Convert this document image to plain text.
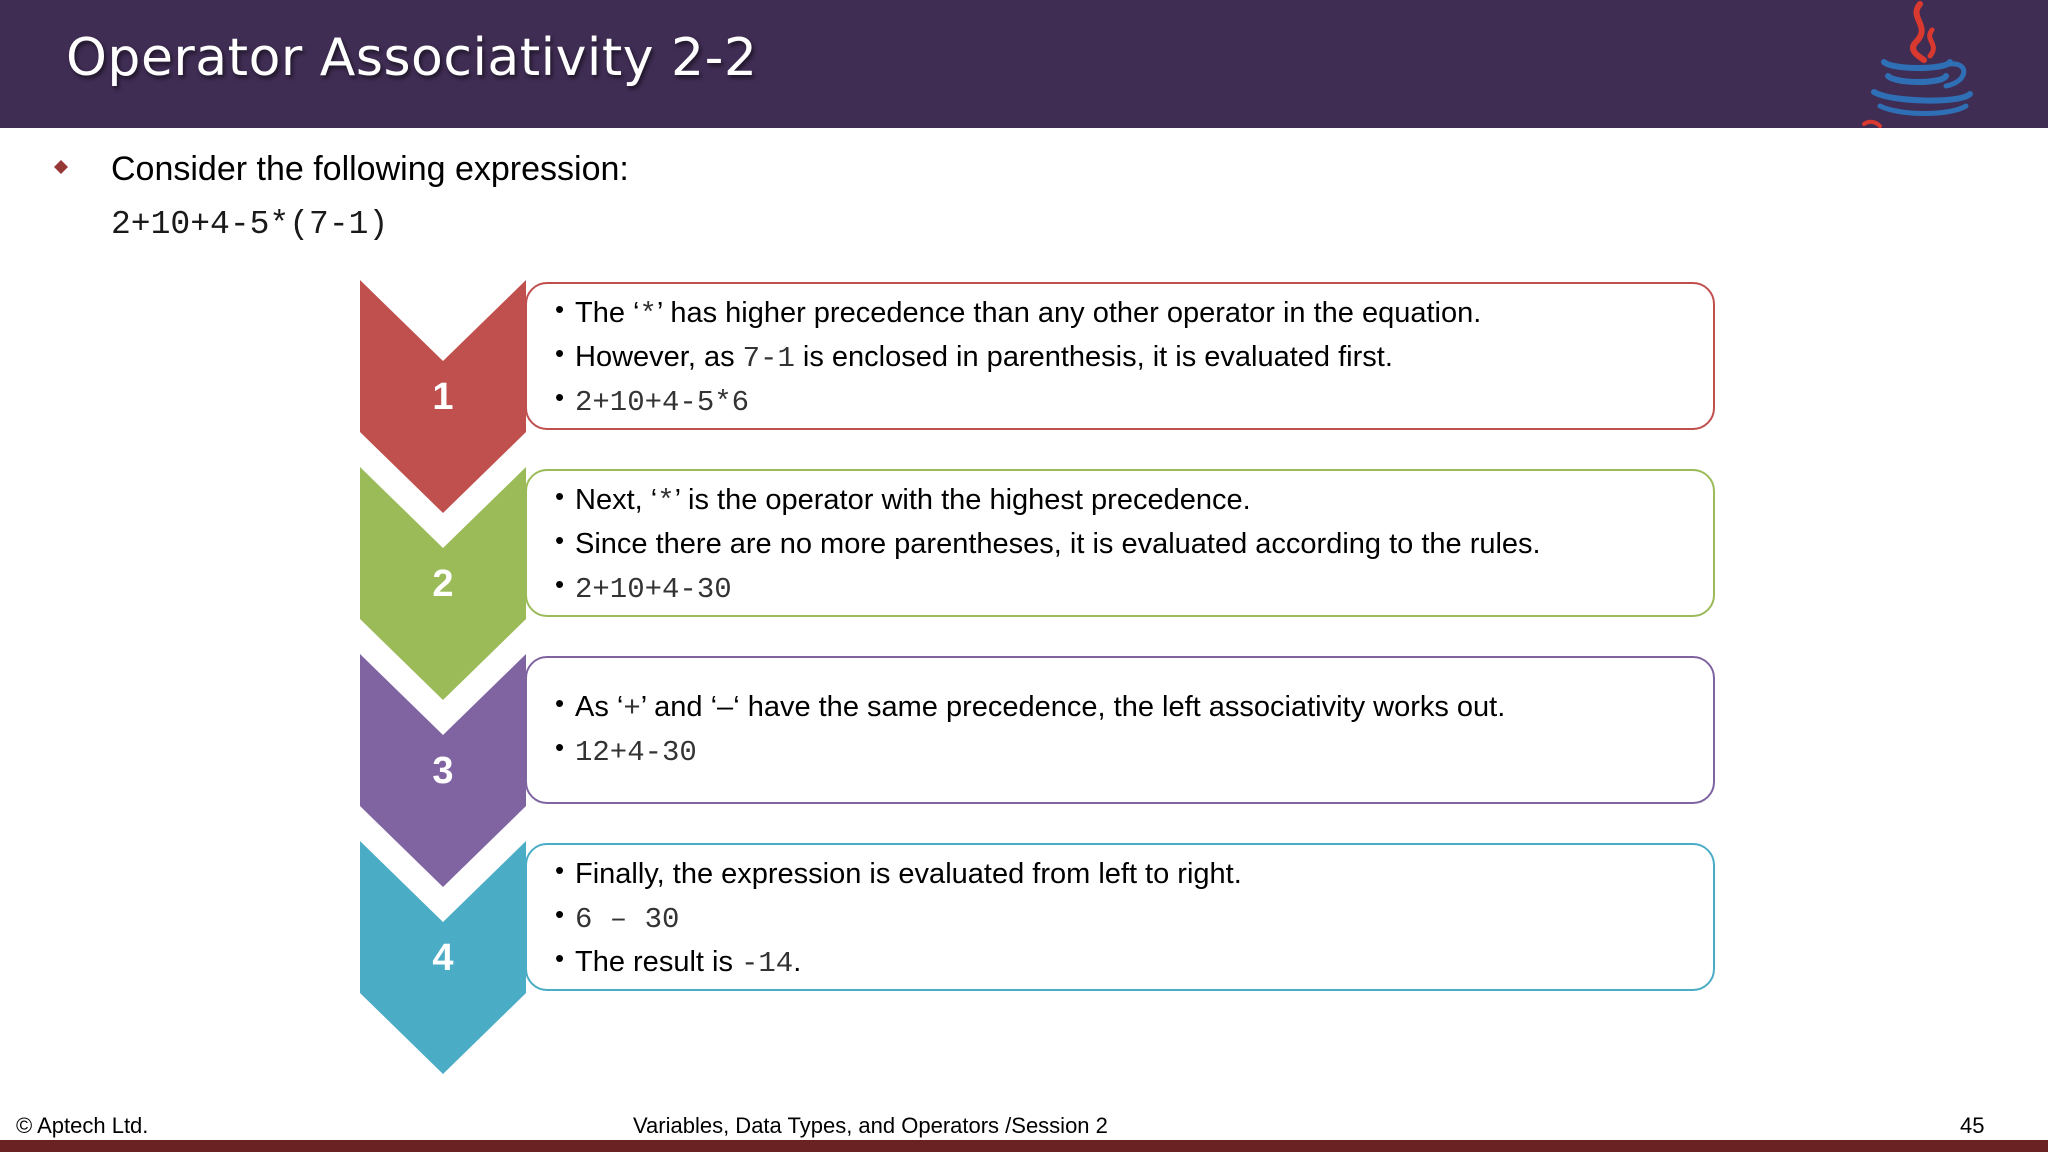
Operator Associativity 2-2
Consider the following expression:
2+10+4-5*(7-1)
1
2
3
4
• The ‘*’ has higher precedence than any other operator in the equation.
• However, as 7-1 is enclosed in parenthesis, it is evaluated first.
• 2+10+4-5*6
• Next, ‘*’ is the operator with the highest precedence.
• Since there are no more parentheses, it is evaluated according to the rules.
• 2+10+4-30
• As ‘+’ and ‘–‘ have the same precedence, the left associativity works out.
• 12+4-30
• Finally, the expression is evaluated from left to right.
• 6 – 30
• The result is -14.
© Aptech Ltd.	Variables, Data Types, and Operators /Session 2	45
